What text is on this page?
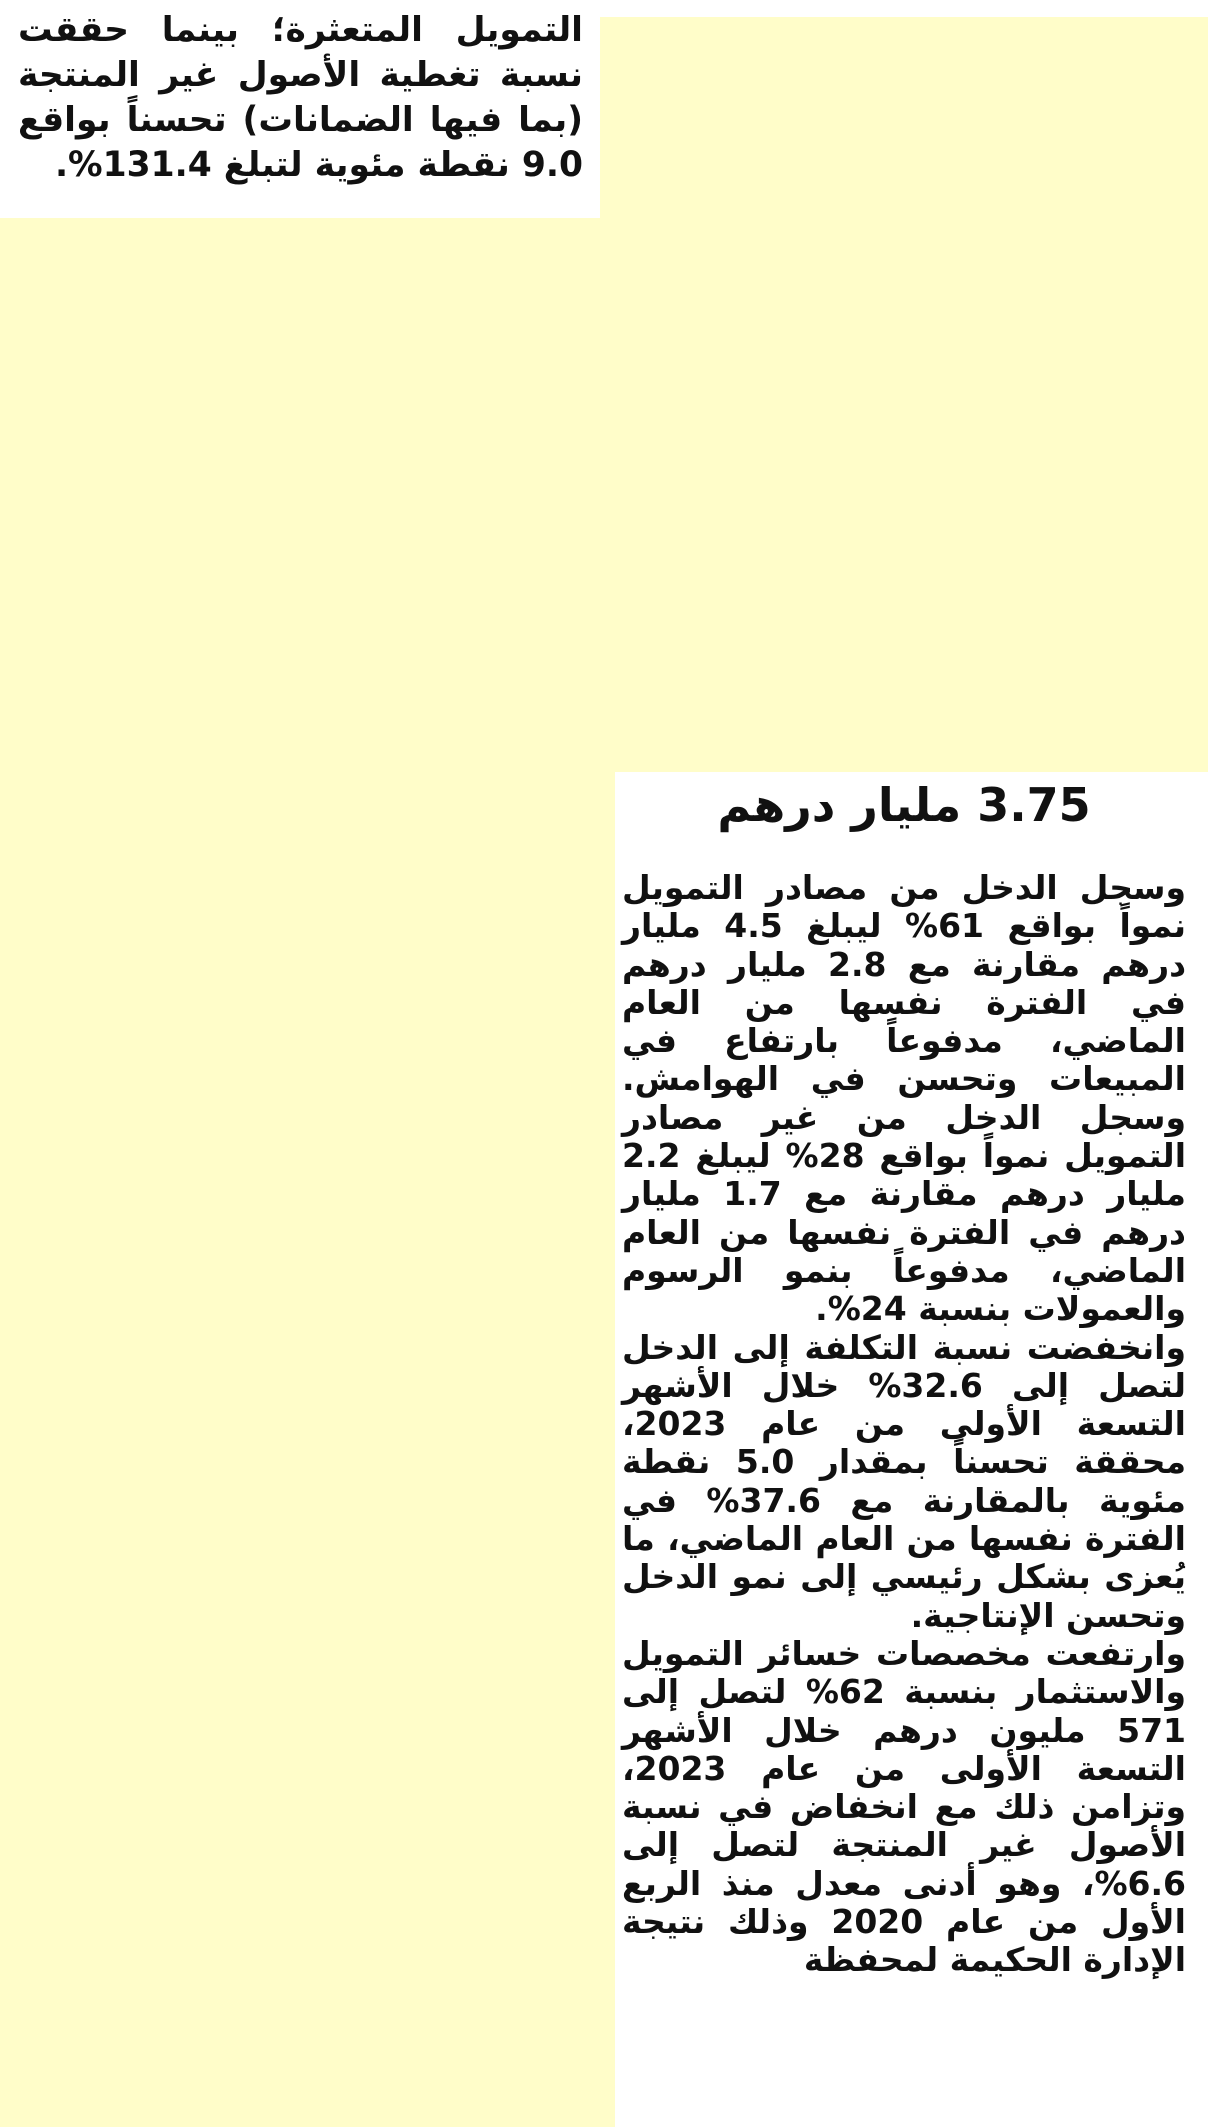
التمويل المتعثرة؛ بينما حققت نسبة تغطية الأصول غير المنتجة (بما فيها الضمانات) تحسناً بواقع 9.0 نقطة مئوية لتبلغ 131.4%.

3.75 مليار درهم

وسجل الدخل من مصادر التمويل نمواً بواقع 61% ليبلغ 4.5 مليار درهم مقارنة مع 2.8 مليار درهم في الفترة نفسها من العام الماضي، مدفوعاً بارتفاع في المبيعات وتحسن في الهوامش. وسجل الدخل من غير مصادر التمويل نمواً بواقع 28% ليبلغ 2.2 مليار درهم مقارنة مع 1.7 مليار درهم في الفترة نفسها من العام الماضي، مدفوعاً بنمو الرسوم والعمولات بنسبة 24%.

وانخفضت نسبة التكلفة إلى الدخل لتصل إلى 32.6% خلال الأشهر التسعة الأولى من عام 2023، محققة تحسناً بمقدار 5.0 نقطة مئوية بالمقارنة مع 37.6% في الفترة نفسها من العام الماضي، ما يُعزى بشكل رئيسي إلى نمو الدخل وتحسن الإنتاجية.

وارتفعت مخصصات خسائر التمويل والاستثمار بنسبة 62% لتصل إلى 571 مليون درهم خلال الأشهر التسعة الأولى من عام 2023، وتزامن ذلك مع انخفاض في نسبة الأصول غير المنتجة لتصل إلى 6.6%، وهو أدنى معدل منذ الربع الأول من عام 2020 وذلك نتيجة الإدارة الحكيمة لمحفظة
